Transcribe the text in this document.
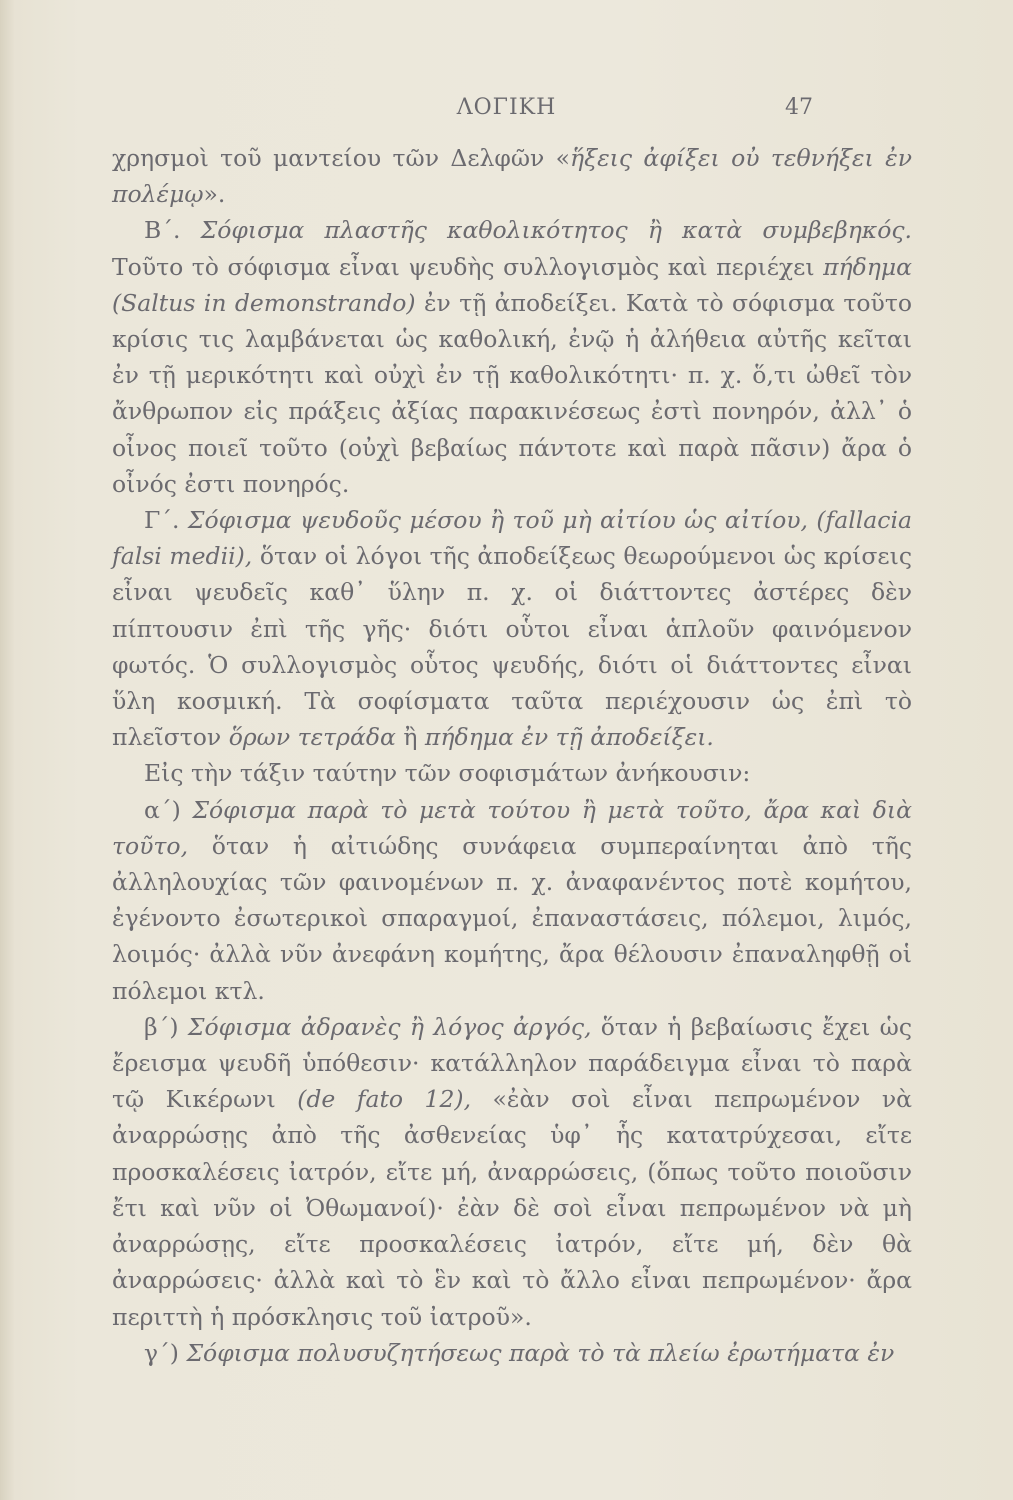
ΛΟΓΙΚΗ	47

χρησμοὶ τοῦ μαντείου τῶν Δελφῶν «ἥξεις ἀφίξει οὐ τεθνήξει ἐν πολέμῳ».

Β΄. Σόφισμα πλαστῆς καθολικότητος ἢ κατὰ συμβεβηκός. Τοῦτο τὸ σόφισμα εἶναι ψευδὴς συλλογισμὸς καὶ περιέχει πήδημα (Saltus in demonstrando) ἐν τῇ ἀποδείξει. Κατὰ τὸ σόφισμα τοῦτο κρίσις τις λαμβάνεται ὡς καθολική, ἐνῷ ἡ ἀλήθεια αὐτῆς κεῖται ἐν τῇ μερικότητι καὶ οὐχὶ ἐν τῇ καθολικότητι· π. χ. ὅ,τι ὠθεῖ τὸν ἄνθρωπον εἰς πράξεις ἀξίας παρακινέσεως ἐστὶ πονηρόν, ἀλλ᾽ ὁ οἶνος ποιεῖ τοῦτο (οὐχὶ βεβαίως πάντοτε καὶ παρὰ πᾶσιν) ἄρα ὁ οἶνός ἐστι πονηρός.

Γ΄. Σόφισμα ψευδοῦς μέσου ἢ τοῦ μὴ αἰτίου ὡς αἰτίου, (fallacia falsi medii), ὅταν οἱ λόγοι τῆς ἀποδείξεως θεωρούμενοι ὡς κρίσεις εἶναι ψευδεῖς καθ᾽ ὕλην π. χ. οἱ διάττοντες ἀστέρες δὲν πίπτουσιν ἐπὶ τῆς γῆς· διότι οὗτοι εἶναι ἁπλοῦν φαινόμενον φωτός. Ὁ συλλογισμὸς οὗτος ψευδής, διότι οἱ διάττοντες εἶναι ὕλη κοσμική. Τὰ σοφίσματα ταῦτα περιέχουσιν ὡς ἐπὶ τὸ πλεῖστον ὅρων τετράδα ἢ πήδημα ἐν τῇ ἀποδείξει.

Εἰς τὴν τάξιν ταύτην τῶν σοφισμάτων ἀνήκουσιν:

α΄) Σόφισμα παρὰ τὸ μετὰ τούτου ἢ μετὰ τοῦτο, ἄρα καὶ διὰ τοῦτο, ὅταν ἡ αἰτιώδης συνάφεια συμπεραίνηται ἀπὸ τῆς ἀλληλουχίας τῶν φαινομένων π. χ. ἀναφανέντος ποτὲ κομήτου, ἐγένοντο ἐσωτερικοὶ σπαραγμοί, ἐπαναστάσεις, πόλεμοι, λιμός, λοιμός· ἀλλὰ νῦν ἀνεφάνη κομήτης, ἄρα θέλουσιν ἐπαναληφθῇ οἱ πόλεμοι κτλ.

β΄) Σόφισμα ἀδρανὲς ἢ λόγος ἀργός, ὅταν ἡ βεβαίωσις ἔχει ὡς ἔρεισμα ψευδῆ ὑπόθεσιν· κατάλληλον παράδειγμα εἶναι τὸ παρὰ τῷ Κικέρωνι (de fato 12), «ἐὰν σοὶ εἶναι πεπρωμένον νὰ ἀναρρώσῃς ἀπὸ τῆς ἀσθενείας ὑφ᾽ ἧς κατατρύχεσαι, εἴτε προσκαλέσεις ἰατρόν, εἴτε μή, ἀναρρώσεις, (ὅπως τοῦτο ποιοῦσιν ἔτι καὶ νῦν οἱ Ὀθωμανοί)· ἐὰν δὲ σοὶ εἶναι πεπρωμένον νὰ μὴ ἀναρρώσῃς, εἴτε προσκαλέσεις ἰατρόν, εἴτε μή, δὲν θὰ ἀναρρώσεις· ἀλλὰ καὶ τὸ ἓν καὶ τὸ ἄλλο εἶναι πεπρωμένον· ἄρα περιττὴ ἡ πρόσκλησις τοῦ ἰατροῦ».

γ΄) Σόφισμα πολυσυζητήσεως παρὰ τὸ τὰ πλείω ἐρωτήματα ἐν
